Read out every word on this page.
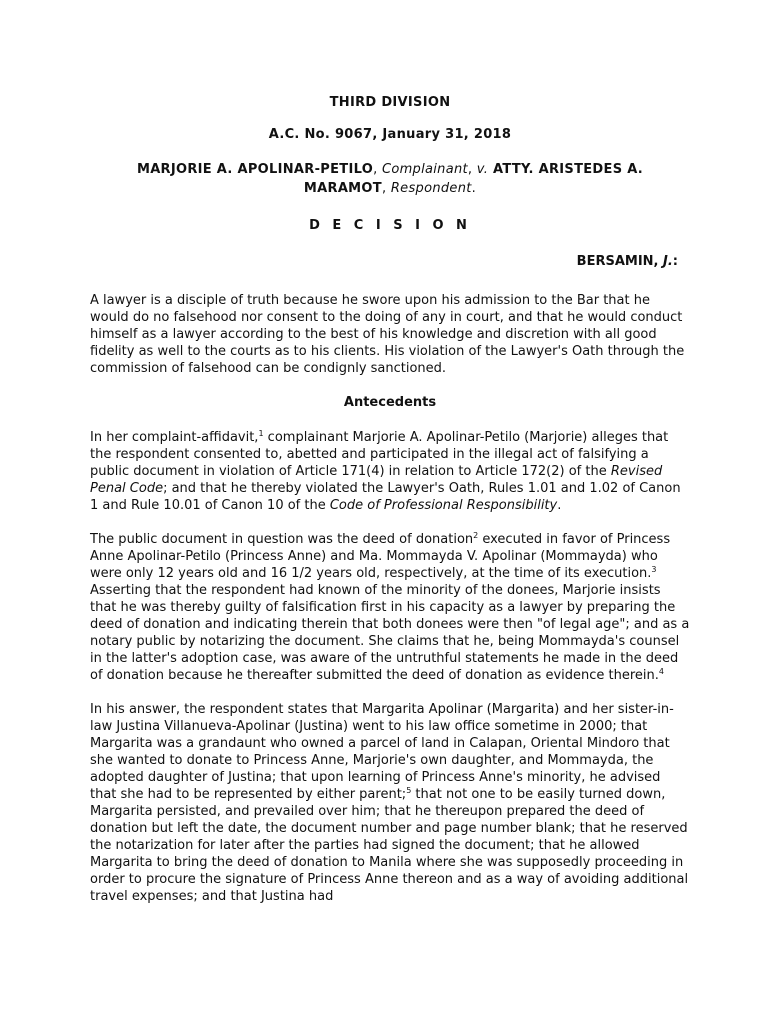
THIRD DIVISION
A.C. No. 9067, January 31, 2018
MARJORIE A. APOLINAR-PETILO, Complainant, v. ATTY. ARISTEDES A.
MARAMOT, Respondent.
D E C I S I O N
BERSAMIN, J.:

A lawyer is a disciple of truth because he swore upon his admission to the Bar that he would do no falsehood nor consent to the doing of any in court, and that he would conduct himself as a lawyer according to the best of his knowledge and discretion with all good fidelity as well to the courts as to his clients. His violation of the Lawyer's Oath through the commission of falsehood can be condignly sanctioned.

Antecedents

In her complaint-affidavit,$^1$ complainant Marjorie A. Apolinar-Petilo (Marjorie) alleges that the respondent consented to, abetted and participated in the illegal act of falsifying a public document in violation of Article 171(4) in relation to Article 172(2) of the Revised Penal Code; and that he thereby violated the Lawyer's Oath, Rules 1.01 and 1.02 of Canon 1 and Rule 10.01 of Canon 10 of the Code of Professional Responsibility.

The public document in question was the deed of donation$^2$ executed in favor of Princess Anne Apolinar-Petilo (Princess Anne) and Ma. Mommayda V. Apolinar (Mommayda) who were only 12 years old and 16 1/2 years old, respectively, at the time of its execution.$^3$ Asserting that the respondent had known of the minority of the donees, Marjorie insists that he was thereby guilty of falsification first in his capacity as a lawyer by preparing the deed of donation and indicating therein that both donees were then "of legal age"; and as a notary public by notarizing the document. She claims that he, being Mommayda's counsel in the latter's adoption case, was aware of the untruthful statements he made in the deed of donation because he thereafter submitted the deed of donation as evidence therein.$^4$

In his answer, the respondent states that Margarita Apolinar (Margarita) and her sister-in-law Justina Villanueva-Apolinar (Justina) went to his law office sometime in 2000; that Margarita was a grandaunt who owned a parcel of land in Calapan, Oriental Mindoro that she wanted to donate to Princess Anne, Marjorie's own daughter, and Mommayda, the adopted daughter of Justina; that upon learning of Princess Anne's minority, he advised that she had to be represented by either parent;$^5$ that not one to be easily turned down, Margarita persisted, and prevailed over him; that he thereupon prepared the deed of donation but left the date, the document number and page number blank; that he reserved the notarization for later after the parties had signed the document; that he allowed Margarita to bring the deed of donation to Manila where she was supposedly proceeding in order to procure the signature of Princess Anne thereon and as a way of avoiding additional travel expenses; and that Justina had
